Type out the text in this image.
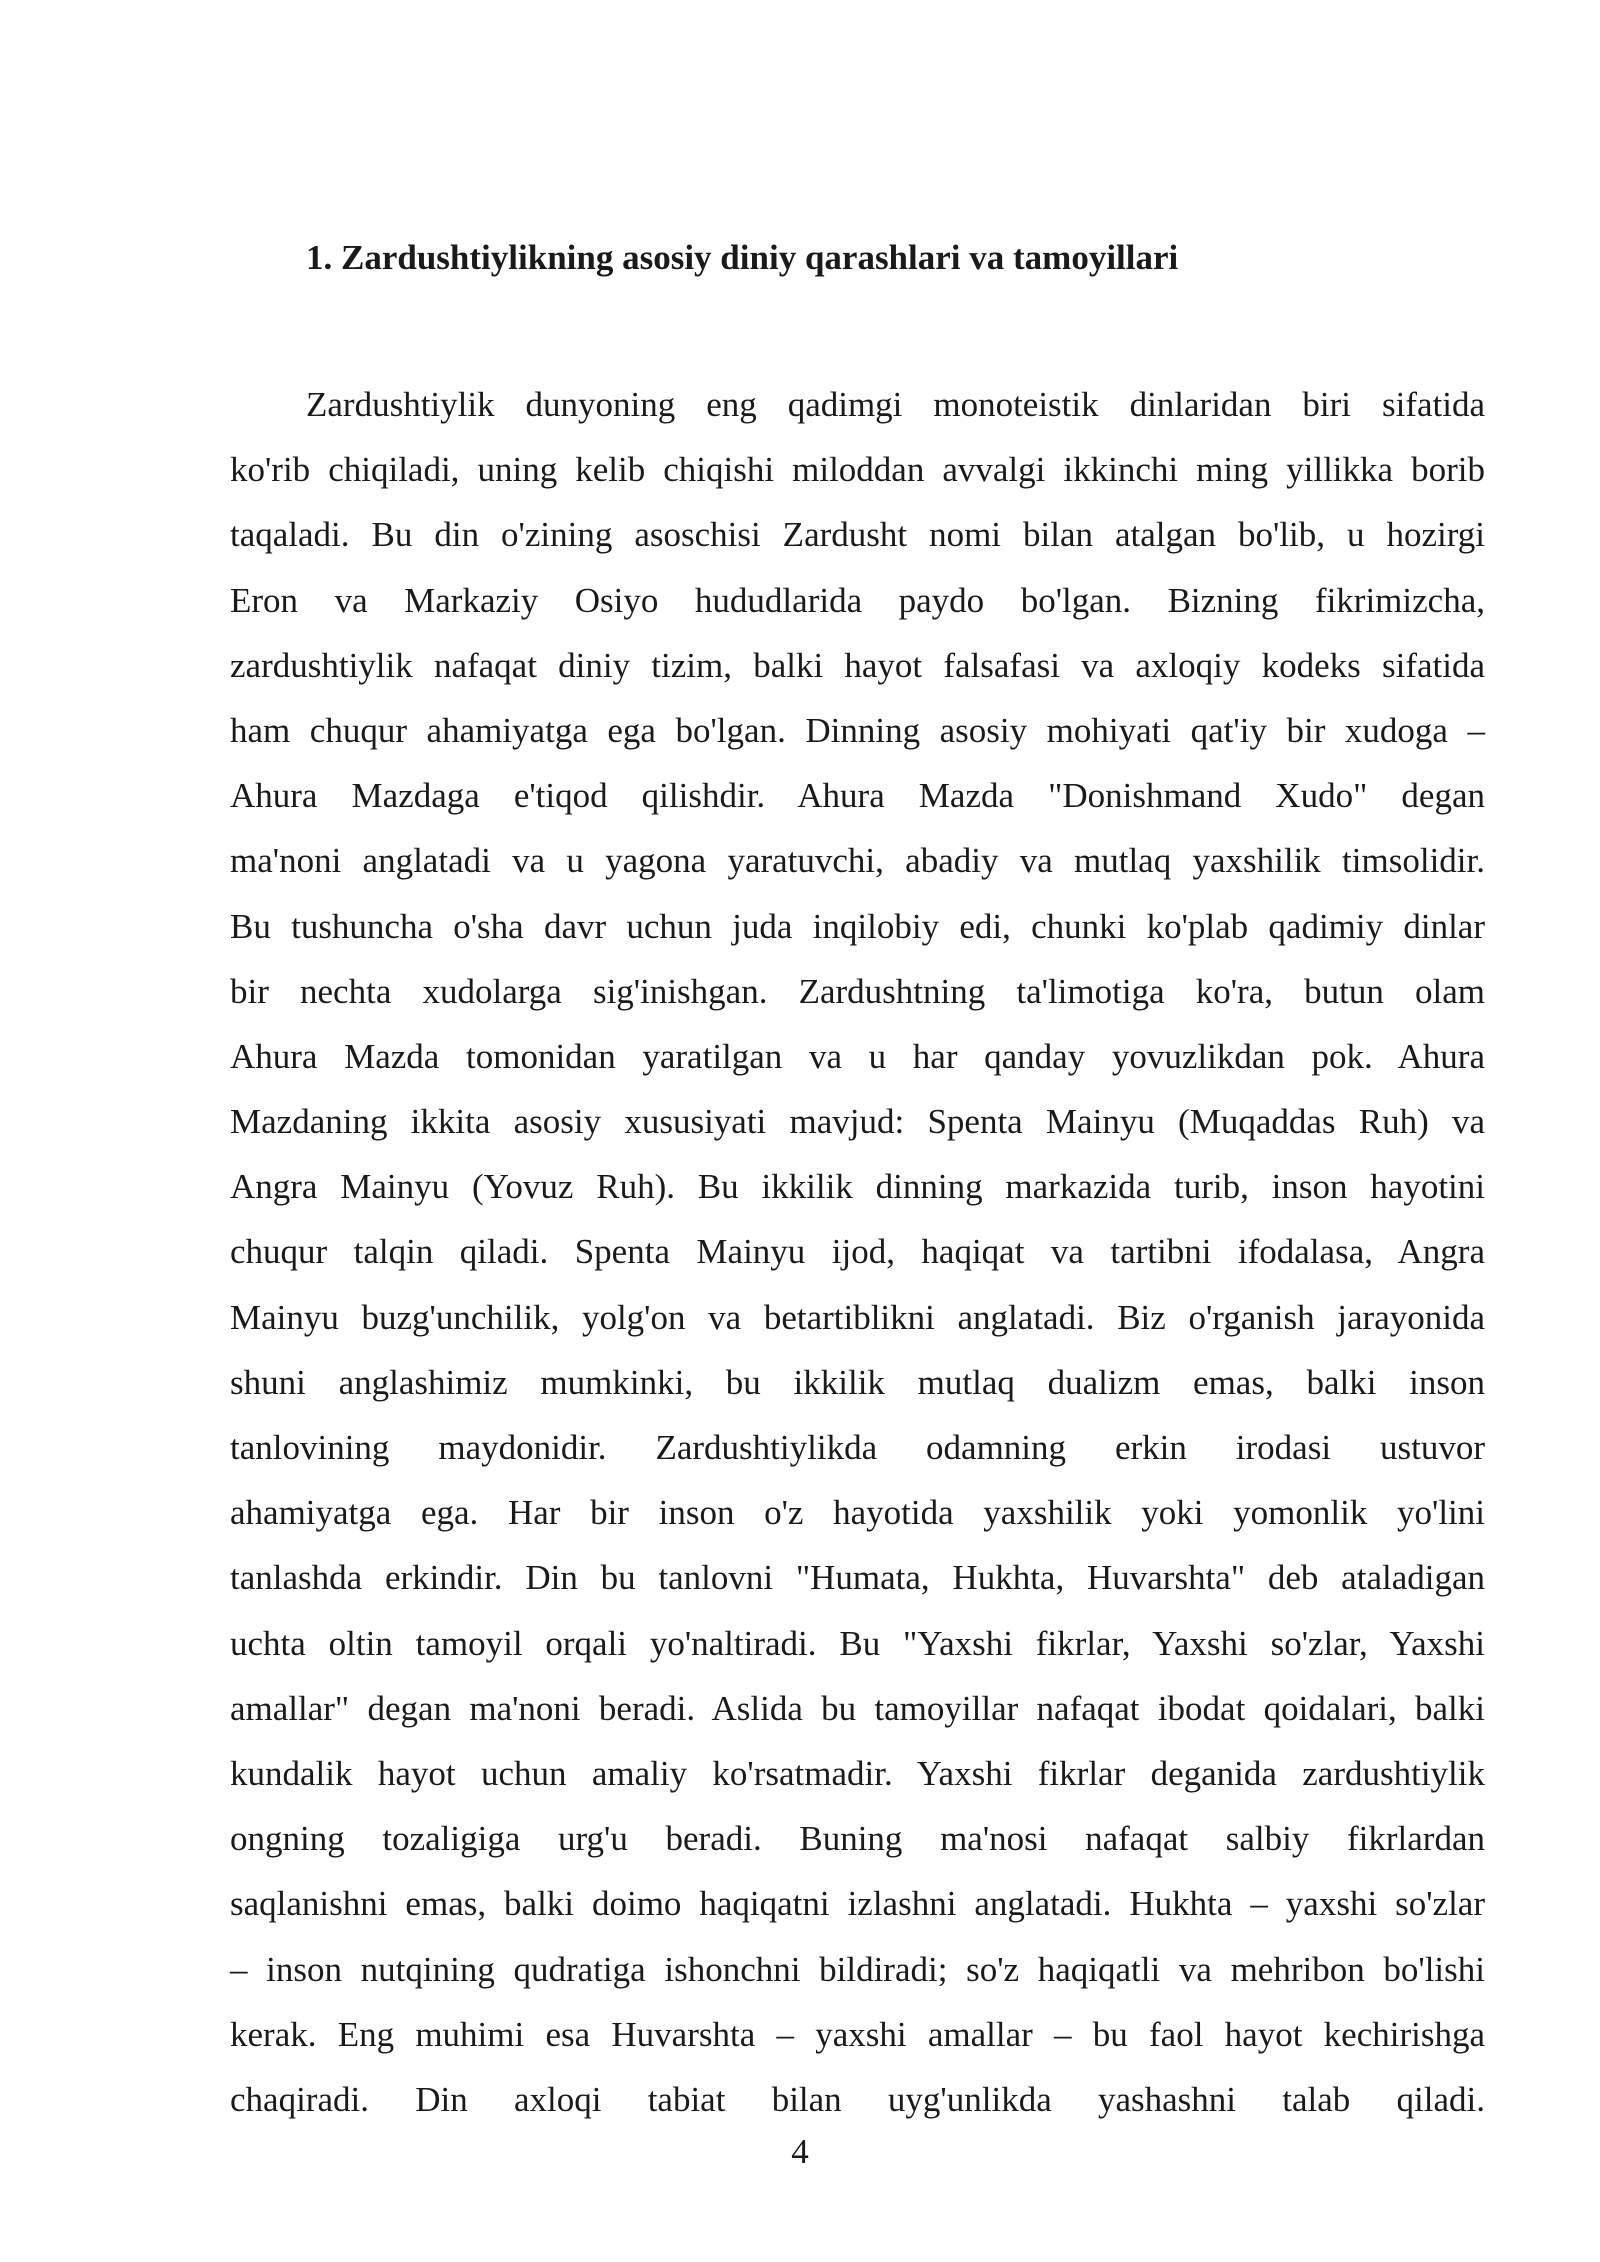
1. Zardushtiylikning asosiy diniy qarashlari va tamoyillari
Zardushtiylik dunyoning eng qadimgi monoteistik dinlaridan biri sifatida
ko'rib chiqiladi, uning kelib chiqishi miloddan avvalgi ikkinchi ming yillikka borib
taqaladi. Bu din o'zining asoschisi Zardusht nomi bilan atalgan bo'lib, u hozirgi
Eron va Markaziy Osiyo hududlarida paydo bo'lgan. Bizning fikrimizcha,
zardushtiylik nafaqat diniy tizim, balki hayot falsafasi va axloqiy kodeks sifatida
ham chuqur ahamiyatga ega bo'lgan. Dinning asosiy mohiyati qat'iy bir xudoga –
Ahura Mazdaga e'tiqod qilishdir. Ahura Mazda "Donishmand Xudo" degan
ma'noni anglatadi va u yagona yaratuvchi, abadiy va mutlaq yaxshilik timsolidir.
Bu tushuncha o'sha davr uchun juda inqilobiy edi, chunki ko'plab qadimiy dinlar
bir nechta xudolarga sig'inishgan. Zardushtning ta'limotiga ko'ra, butun olam
Ahura Mazda tomonidan yaratilgan va u har qanday yovuzlikdan pok. Ahura
Mazdaning ikkita asosiy xususiyati mavjud: Spenta Mainyu (Muqaddas Ruh) va
Angra Mainyu (Yovuz Ruh). Bu ikkilik dinning markazida turib, inson hayotini
chuqur talqin qiladi. Spenta Mainyu ijod, haqiqat va tartibni ifodalasa, Angra
Mainyu buzg'unchilik, yolg'on va betartiblikni anglatadi. Biz o'rganish jarayonida
shuni anglashimiz mumkinki, bu ikkilik mutlaq dualizm emas, balki inson
tanlovining maydonidir. Zardushtiylikda odamning erkin irodasi ustuvor
ahamiyatga ega. Har bir inson o'z hayotida yaxshilik yoki yomonlik yo'lini
tanlashda erkindir. Din bu tanlovni "Humata, Hukhta, Huvarshta" deb ataladigan
uchta oltin tamoyil orqali yo'naltiradi. Bu "Yaxshi fikrlar, Yaxshi so'zlar, Yaxshi
amallar" degan ma'noni beradi. Aslida bu tamoyillar nafaqat ibodat qoidalari, balki
kundalik hayot uchun amaliy ko'rsatmadir. Yaxshi fikrlar deganida zardushtiylik
ongning tozaligiga urg'u beradi. Buning ma'nosi nafaqat salbiy fikrlardan
saqlanishni emas, balki doimo haqiqatni izlashni anglatadi. Hukhta – yaxshi so'zlar
– inson nutqining qudratiga ishonchni bildiradi; so'z haqiqatli va mehribon bo'lishi
kerak. Eng muhimi esa Huvarshta – yaxshi amallar – bu faol hayot kechirishga
chaqiradi. Din axloqi tabiat bilan uyg'unlikda yashashni talab qiladi.
4
